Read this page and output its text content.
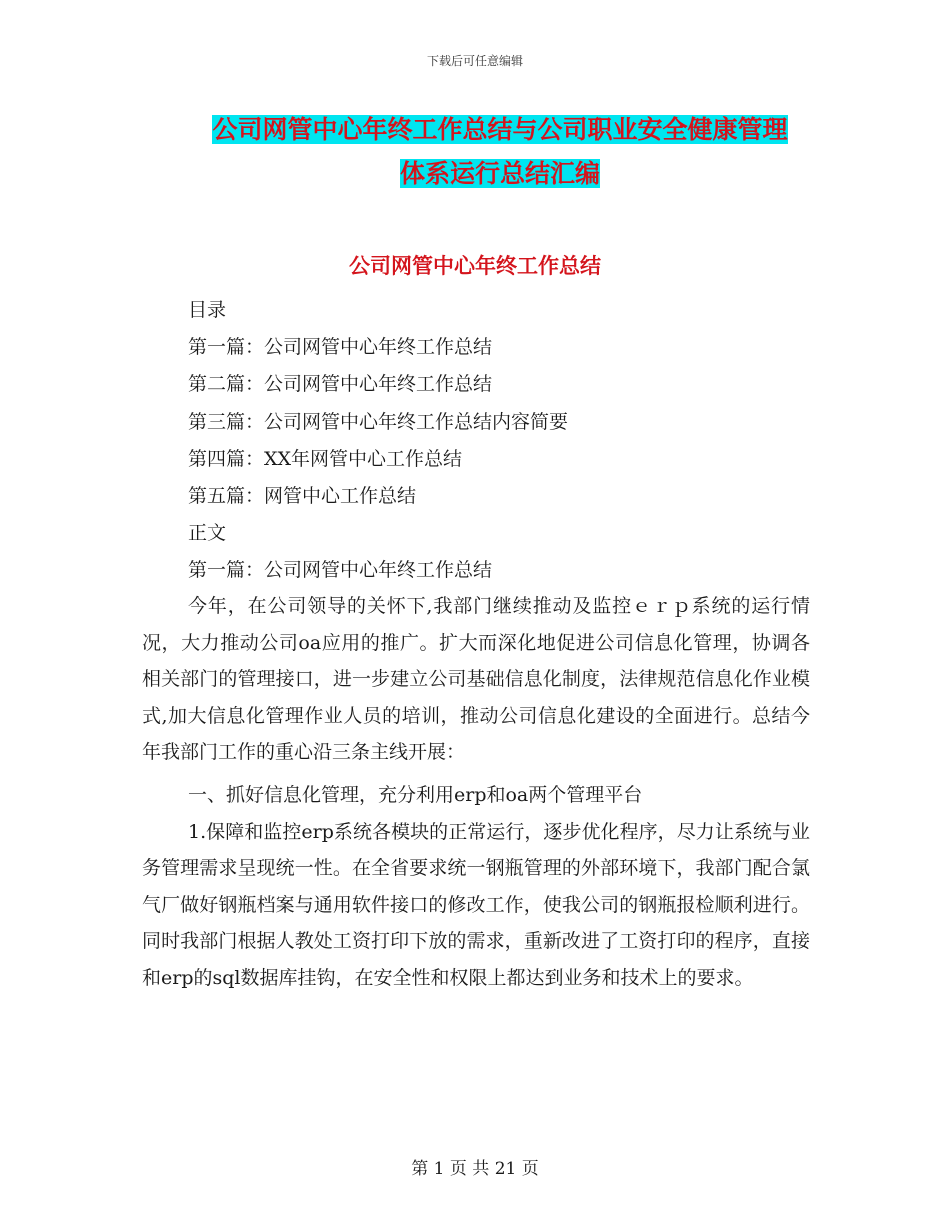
下载后可任意编辑
公司网管中心年终工作总结与公司职业安全健康管理
体系运行总结汇编
公司网管中心年终工作总结
目录
第一篇：公司网管中心年终工作总结
第二篇：公司网管中心年终工作总结
第三篇：公司网管中心年终工作总结内容简要
第四篇：XX年网管中心工作总结
第五篇：网管中心工作总结
正文
第一篇：公司网管中心年终工作总结

今年，在公司领导的关怀下,我部门继续推动及监控ｅｒｐ系统的运行情况，大力推动公司oa应用的推广。扩大而深化地促进公司信息化管理，协调各相关部门的管理接口，进一步建立公司基础信息化制度，法律规范信息化作业模式,加大信息化管理作业人员的培训，推动公司信息化建设的全面进行。总结今年我部门工作的重心沿三条主线开展：

一、抓好信息化管理，充分利用erp和oa两个管理平台

1.保障和监控erp系统各模块的正常运行，逐步优化程序，尽力让系统与业务管理需求呈现统一性。在全省要求统一钢瓶管理的外部环境下，我部门配合氯气厂做好钢瓶档案与通用软件接口的修改工作，使我公司的钢瓶报检顺利进行。同时我部门根据人教处工资打印下放的需求，重新改进了工资打印的程序，直接和erp的sql数据库挂钩，在安全性和权限上都达到业务和技术上的要求。

第 1 页 共 21 页
